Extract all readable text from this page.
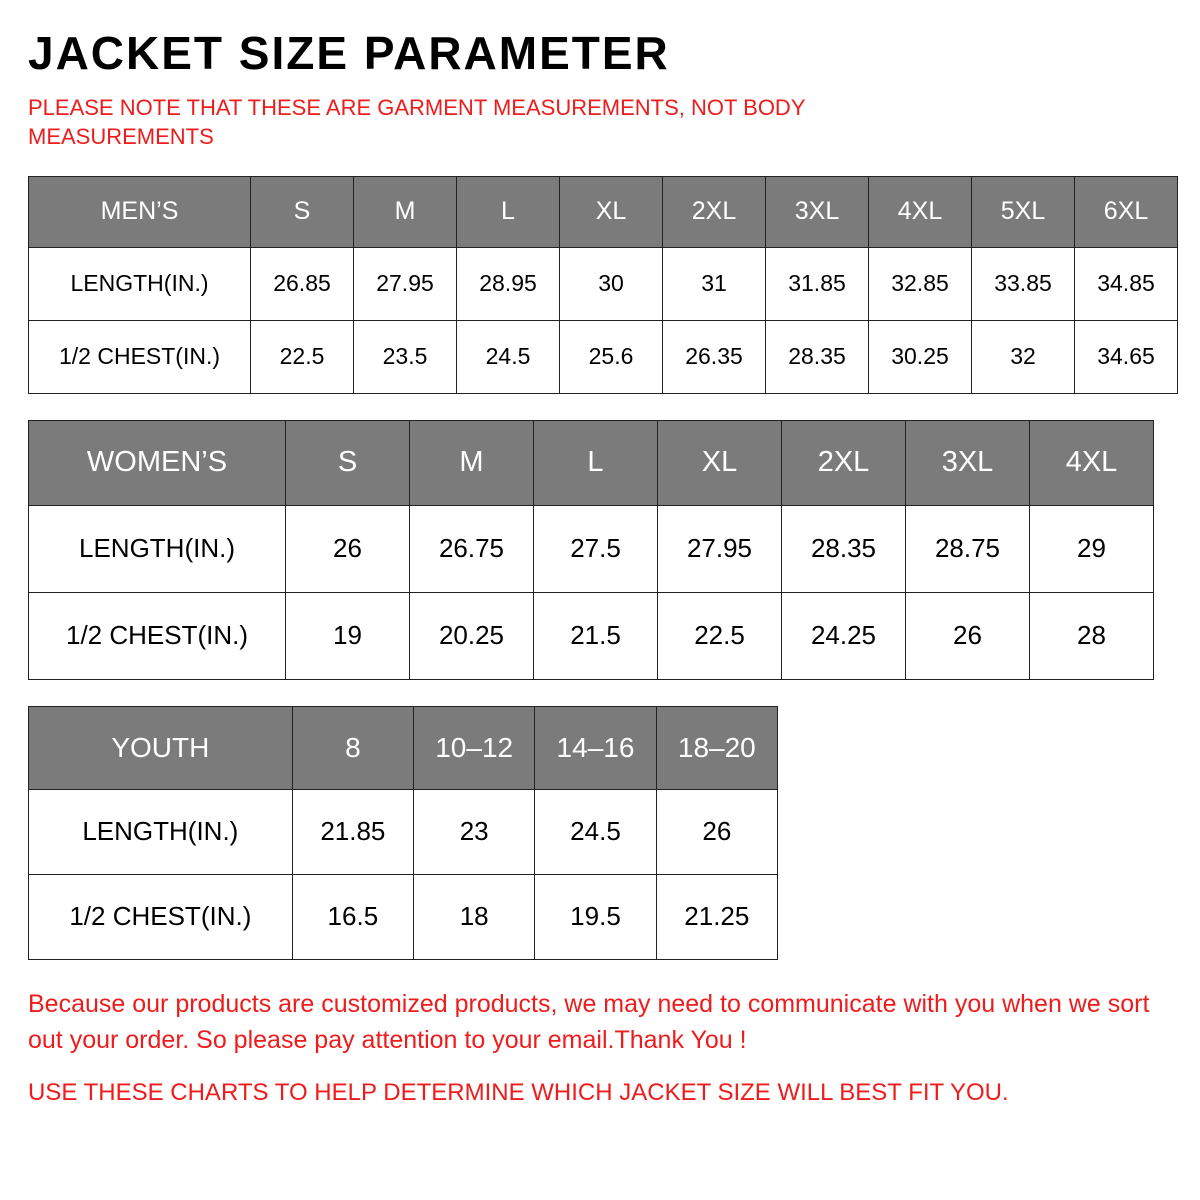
JACKET SIZE PARAMETER

PLEASE NOTE THAT THESE ARE GARMENT MEASUREMENTS, NOT BODY MEASUREMENTS

MEN’S	S	M	L	XL	2XL	3XL	4XL	5XL	6XL
LENGTH(IN.)	26.85	27.95	28.95	30	31	31.85	32.85	33.85	34.85
1/2 CHEST(IN.)	22.5	23.5	24.5	25.6	26.35	28.35	30.25	32	34.65
WOMEN’S	S	M	L	XL	2XL	3XL	4XL
LENGTH(IN.)	26	26.75	27.5	27.95	28.35	28.75	29
1/2 CHEST(IN.)	19	20.25	21.5	22.5	24.25	26	28
YOUTH	8	10–12	14–16	18–20
LENGTH(IN.)	21.85	23	24.5	26
1/2 CHEST(IN.)	16.5	18	19.5	21.25

Because our products are customized products, we may need to communicate with you when we sort out your order. So please pay attention to your email.Thank You !

USE THESE CHARTS TO HELP DETERMINE WHICH JACKET SIZE WILL BEST FIT YOU.
